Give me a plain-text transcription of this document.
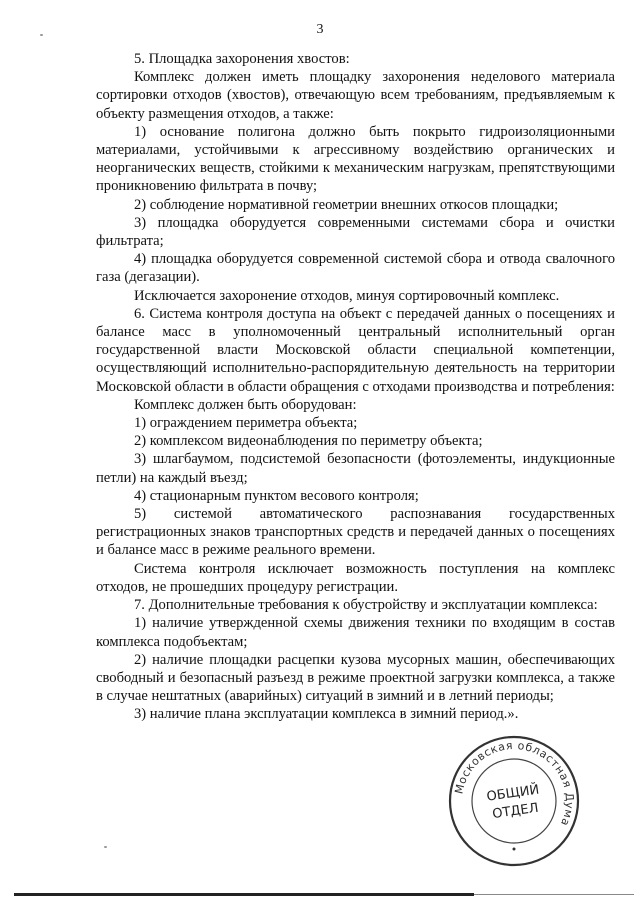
3

5. Площадка захоронения хвостов:

Комплекс должен иметь площадку захоронения неделового материала сортировки отходов (хвостов), отвечающую всем требованиям, предъявляемым к объекту размещения отходов, а также:

1) основание полигона должно быть покрыто гидроизоляционными материалами, устойчивыми к агрессивному воздействию органических и неорганических веществ, стойкими к механическим нагрузкам, препятствующими проникновению фильтрата в почву;

2) соблюдение нормативной геометрии внешних откосов площадки;

3) площадка оборудуется современными системами сбора и очистки фильтрата;

4) площадка оборудуется современной системой сбора и отвода свалочного газа (дегазации).

Исключается захоронение отходов, минуя сортировочный комплекс.

6. Система контроля доступа на объект с передачей данных о посещениях и балансе масс в уполномоченный центральный исполнительный орган государственной власти Московской области специальной компетенции, осуществляющий исполнительно-распорядительную деятельность на территории Московской области в области обращения с отходами производства и потребления:

Комплекс должен быть оборудован:

1) ограждением периметра объекта;

2) комплексом видеонаблюдения по периметру объекта;

3) шлагбаумом, подсистемой безопасности (фотоэлементы, индукционные петли) на каждый въезд;

4) стационарным пунктом весового контроля;

5) системой автоматического распознавания государственных регистрационных знаков транспортных средств и передачей данных о посещениях и балансе масс в режиме реального времени.

Система контроля исключает возможность поступления на комплекс отходов, не прошедших процедуру регистрации.

7. Дополнительные требования к обустройству и эксплуатации комплекса:

1) наличие утвержденной схемы движения техники по входящим в состав комплекса подобъектам;

2) наличие площадки расцепки кузова мусорных машин, обеспечивающих свободный и безопасный разъезд в режиме проектной загрузки комплекса, а также в случае нештатных (аварийных) ситуаций в зимний и в летний периоды;

3) наличие плана эксплуатации комплекса в зимний период.».

Московская областная Дума
ОБЩИЙ
ОТДЕЛ
